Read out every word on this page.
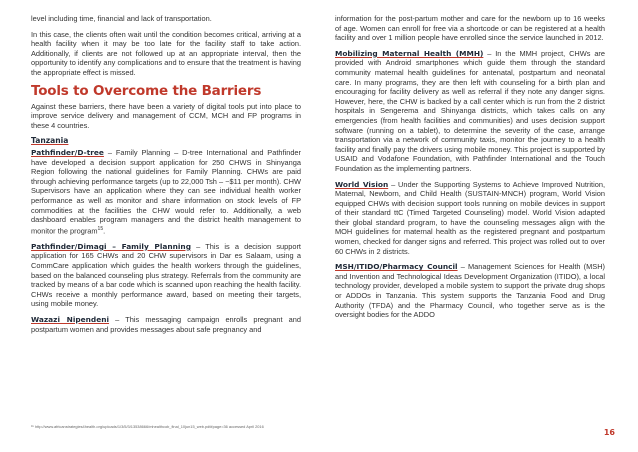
level including time, financial and lack of transportation.

In this case, the clients often wait until the condition becomes critical, arriving at a health facility when it may be too late for the facility staff to take action. Additionally, if clients are not followed up at an appropriate interval, then the opportunity to identify any complications and to ensure that the treatment is having the appropriate effect is missed.

Tools to Overcome the Barriers

Against these barriers, there have been a variety of digital tools put into place to improve service delivery and management of CCM, MCH and FP programs in these 4 countries.

Tanzania

Pathfinder/D-tree – Family Planning – D-tree International and Pathfinder have developed a decision support application for 250 CHWS in Shinyanga Region following the national guidelines for Family Planning. CHWs are paid through achieving performance targets (up to 22,000 Tsh – ~$11 per month). CHW Supervisors have an application where they can see individual health worker performance as well as monitor and share information on stock levels of FP commodities at the facilities the CHW would refer to. Additionally, a web dashboard enables program managers and the district health management to monitor the program$^{15}$.

Pathfinder/Dimagi – Family Planning – This is a decision support application for 165 CHWs and 20 CHW supervisors in Dar es Salaam, using a CommCare application which guides the health workers through the guidelines, based on the balanced counseling plus strategy. Referrals from the community are tracked by means of a bar code which is scanned upon reaching the health facility. CHWs receive a monthly performance award, based on meeting their targets, using mobile money.

Wazazi Nipendeni – This messaging campaign enrolls pregnant and postpartum women and provides messages about safe pregnancy and

information for the post-partum mother and care for the newborn up to 16 weeks of age. Women can enroll for free via a shortcode or can be registered at a health facility and over 1 million people have enrolled since the service launched in 2012.

Mobilizing Maternal Health (MMH) – In the MMH project, CHWs are provided with Android smartphones which guide them through the standard community maternal health guidelines for antenatal, postpartum and neonatal care. In many programs, they are then left with counseling for a birth plan and encouraging for facility delivery as well as referral if they note any danger signs. However, here, the CHW is backed by a call center which is run from the 2 district hospitals in Sengerema and Shinyanga districts, which takes calls on any emergencies (from health facilities and communities) and uses decision support software (running on a tablet), to determine the severity of the case, arrange transportation via a network of community taxis, monitor the journey to a health facility and finally pay the drivers using mobile money. This project is supported by USAID and Vodafone Foundation, with Pathfinder International and the Touch Foundation as the implementing partners.

World Vision – Under the Supporting Systems to Achieve Improved Nutrition, Maternal, Newborn, and Child Health (SUSTAIN-MNCH) program, World Vision equipped CHWs with decision support tools running on mobile devices in support of their standard ttC (Timed Targeted Counseling) model. World Vision adapted their global standard program, to have the counseling messages align with the MOH guidelines for maternal health as the registered pregnant and postpartum women, checked for danger signs and referred. This project was rolled out to over 60 CHWs in 2 districts.

MSH/ITIDO/Pharmacy Council – Management Sciences for Health (MSH) and Invention and Technological Ideas Development Organization (ITIDO), a local technology provider, developed a mobile system to support the private drug shops or ADDOs in Tanzania. This system supports the Tanzania Food and Drug Authority (TFDA) and the Pharmacy Council, who together serve as is the oversight bodies for the ADDO

¹⁵ http://www.africanstrategies4health.org/uploads/1/3/5/3/13538666/mhealthcob_final_10jun15_web.pdf#page=36 accessed April 2016
16
